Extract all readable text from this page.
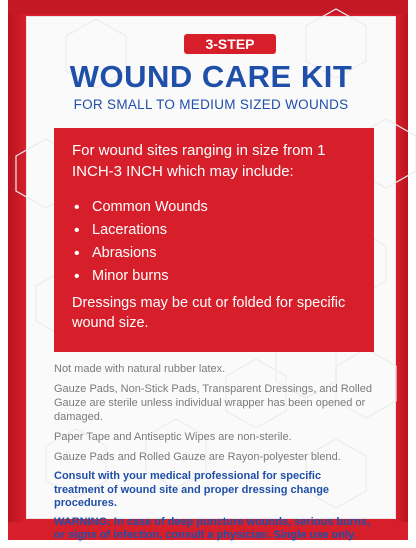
3-STEP
WOUND CARE KIT
FOR SMALL TO MEDIUM SIZED WOUNDS

For wound sites ranging in size from 1 INCH-3 INCH which may include:

• Common Wounds
• Lacerations
• Abrasions
• Minor burns

Dressings may be cut or folded for specific wound size.

Not made with natural rubber latex.

Gauze Pads, Non-Stick Pads, Transparent Dressings, and Rolled Gauze are sterile unless individual wrapper has been opened or damaged.

Paper Tape and Antiseptic Wipes are non-sterile.

Gauze Pads and Rolled Gauze are Rayon-polyester blend.

Consult with your medical professional for specific treatment of wound site and proper dressing change procedures.

WARNING: In case of deep puncture wounds, serious burns, or signs of infection, consult a physician. Single use only.
